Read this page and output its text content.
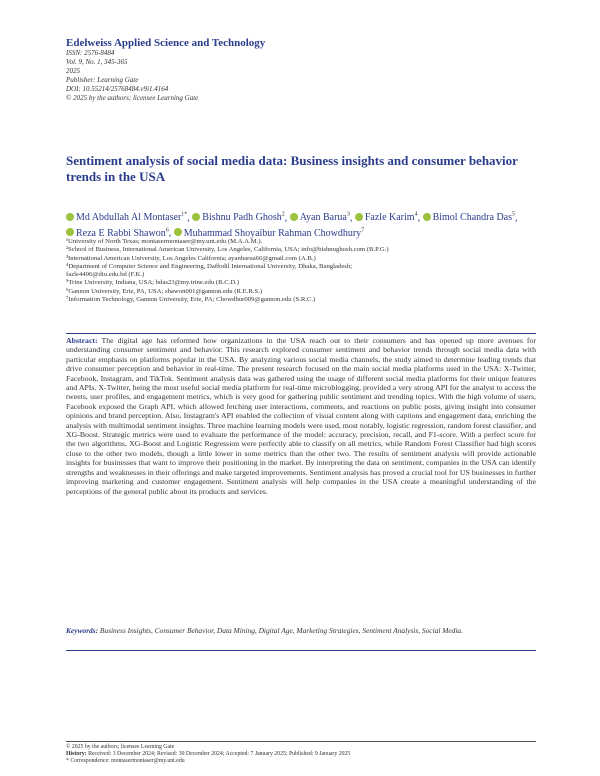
Edelweiss Applied Science and Technology
ISSN: 2576-8484
Vol. 9, No. 1, 345-365
2025
Publisher: Learning Gate
DOI: 10.55214/25768484.v9i1.4164
© 2025 by the authors; licensee Learning Gate
Sentiment analysis of social media data: Business insights and consumer behavior trends in the USA
Md Abdullah Al Montaser$^{1*}$, Bishnu Padh Ghosh$^2$, Ayan Barua$^3$, Fazle Karim$^4$, Bimol Chandra Das$^5$, Reza E Rabbi Shawon$^6$, Muhammad Shoyaibur Rahman Chowdhury$^7$
¹University of North Texas; montasermontaser@my.unt.edu (M.A.A.M.).
²School of Business, International American University, Los Angeles, California, USA; info@bishnughosh.com (B.P.G.)
³International American University, Los Angeles California; ayanbarua66@gmail.com (A.B.)
⁴Department of Computer Science and Engineering, Daffodil International University, Dhaka, Bangladesh;
fazle4496@diu.edu.bd (F.K.)
⁵Trine University, Indiana, USA; bdas23@my.trine.edu (B.C.D.)
⁶Gannon University, Erie, PA, USA; shawon001@gannon.edu (R.E.R.S.)
⁷Information Technology, Gannon University, Erie, PA; Chowdhur009@gannon.edu (S.R.C.)
Abstract: The digital age has reformed how organizations in the USA reach out to their consumers and has opened up more avenues for understanding consumer sentiment and behavior. This research explored consumer sentiment and behavior trends through social media data with particular emphasis on platforms popular in the USA. By analyzing various social media channels, the study aimed to determine leading trends that drive consumer perception and behavior in real-time. The present research focused on the main social media platforms used in the USA: X-Twitter, Facebook, Instagram, and TikTok. Sentiment analysis data was gathered using the usage of different social media platforms for their unique features and APIs. X-Twitter, being the most useful social media platform for real-time microblogging, provided a very strong API for the analyst to access the tweets, user profiles, and engagement metrics, which is very good for gathering public sentiment and trending topics. With the high volume of users, Facebook exposed the Graph API, which allowed fetching user interactions, comments, and reactions on public posts, giving insight into consumer opinions and brand perception. Also, Instagram's API enabled the collection of visual content along with captions and engagement data, enriching the analysis with multimodal sentiment insights. Three machine learning models were used, most notably, logistic regression, random forest classifier, and XG-Boost. Strategic metrics were used to evaluate the performance of the model: accuracy, precision, recall, and F1-score. With a perfect score for the two algorithms, XG-Boost and Logistic Regression were perfectly able to classify on all metrics, while Random Forest Classifier had high scores close to the other two models, though a little lower in some metrics than the other two. The results of sentiment analysis will provide actionable insights for businesses that want to improve their positioning in the market. By interpreting the data on sentiment, companies in the USA can identify strengths and weaknesses in their offerings and make targeted improvements. Sentiment analysis has proved a crucial tool for US businesses in further improving marketing and customer engagement. Sentiment analysis will help companies in the USA create a meaningful understanding of the perceptions of the general public about its products and services.
Keywords: Business Insights, Consumer Behavior, Data Mining, Digital Age, Marketing Strategies, Sentiment Analysis, Social Media.
© 2025 by the authors; licensee Learning Gate
History: Received: 3 December 2024; Revised: 30 December 2024; Accepted: 7 January 2025; Published: 9 January 2025
* Correspondence: montasermontaser@my.unt.edu
